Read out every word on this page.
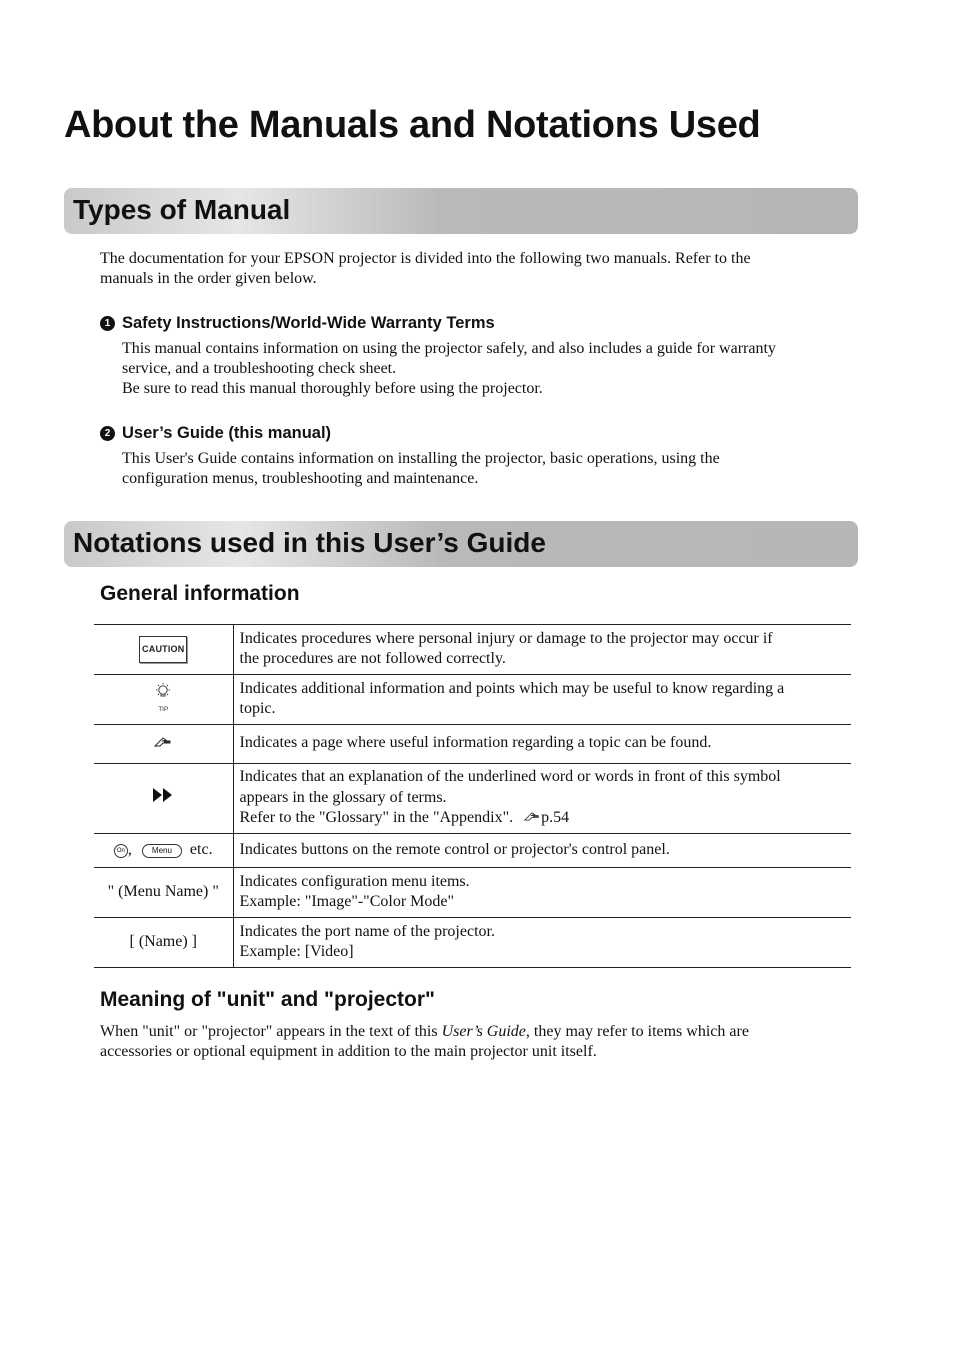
About the Manuals and Notations Used
Types of Manual
The documentation for your EPSON projector is divided into the following two manuals. Refer to the
manuals in the order given below.
1 Safety Instructions/World-Wide Warranty Terms
This manual contains information on using the projector safely, and also includes a guide for warranty
service, and a troubleshooting check sheet.
Be sure to read this manual thoroughly before using the projector.
2 User’s Guide (this manual)
This User's Guide contains information on installing the projector, basic operations, using the
configuration menus, troubleshooting and maintenance.
Notations used in this User’s Guide
General information
CAUTION	Indicates procedures where personal injury or damage to the projector may occur if
the procedures are not followed correctly.

TIP	Indicates additional information and points which may be useful to know regarding a
topic.

Indicates a page where useful information regarding a topic can be found.

Indicates that an explanation of the underlined word or words in front of this symbol
appears in the glossary of terms.
Refer to the "Glossary" in the "Appendix". p.54

On , Menu etc.	Indicates buttons on the remote control or projector's control panel.

" (Menu Name) "	Indicates configuration menu items.
Example: "Image"-"Color Mode"

[ (Name) ]	Indicates the port name of the projector.
Example: [Video]
Meaning of "unit" and "projector"
When "unit" or "projector" appears in the text of this User’s Guide, they may refer to items which are
accessories or optional equipment in addition to the main projector unit itself.
